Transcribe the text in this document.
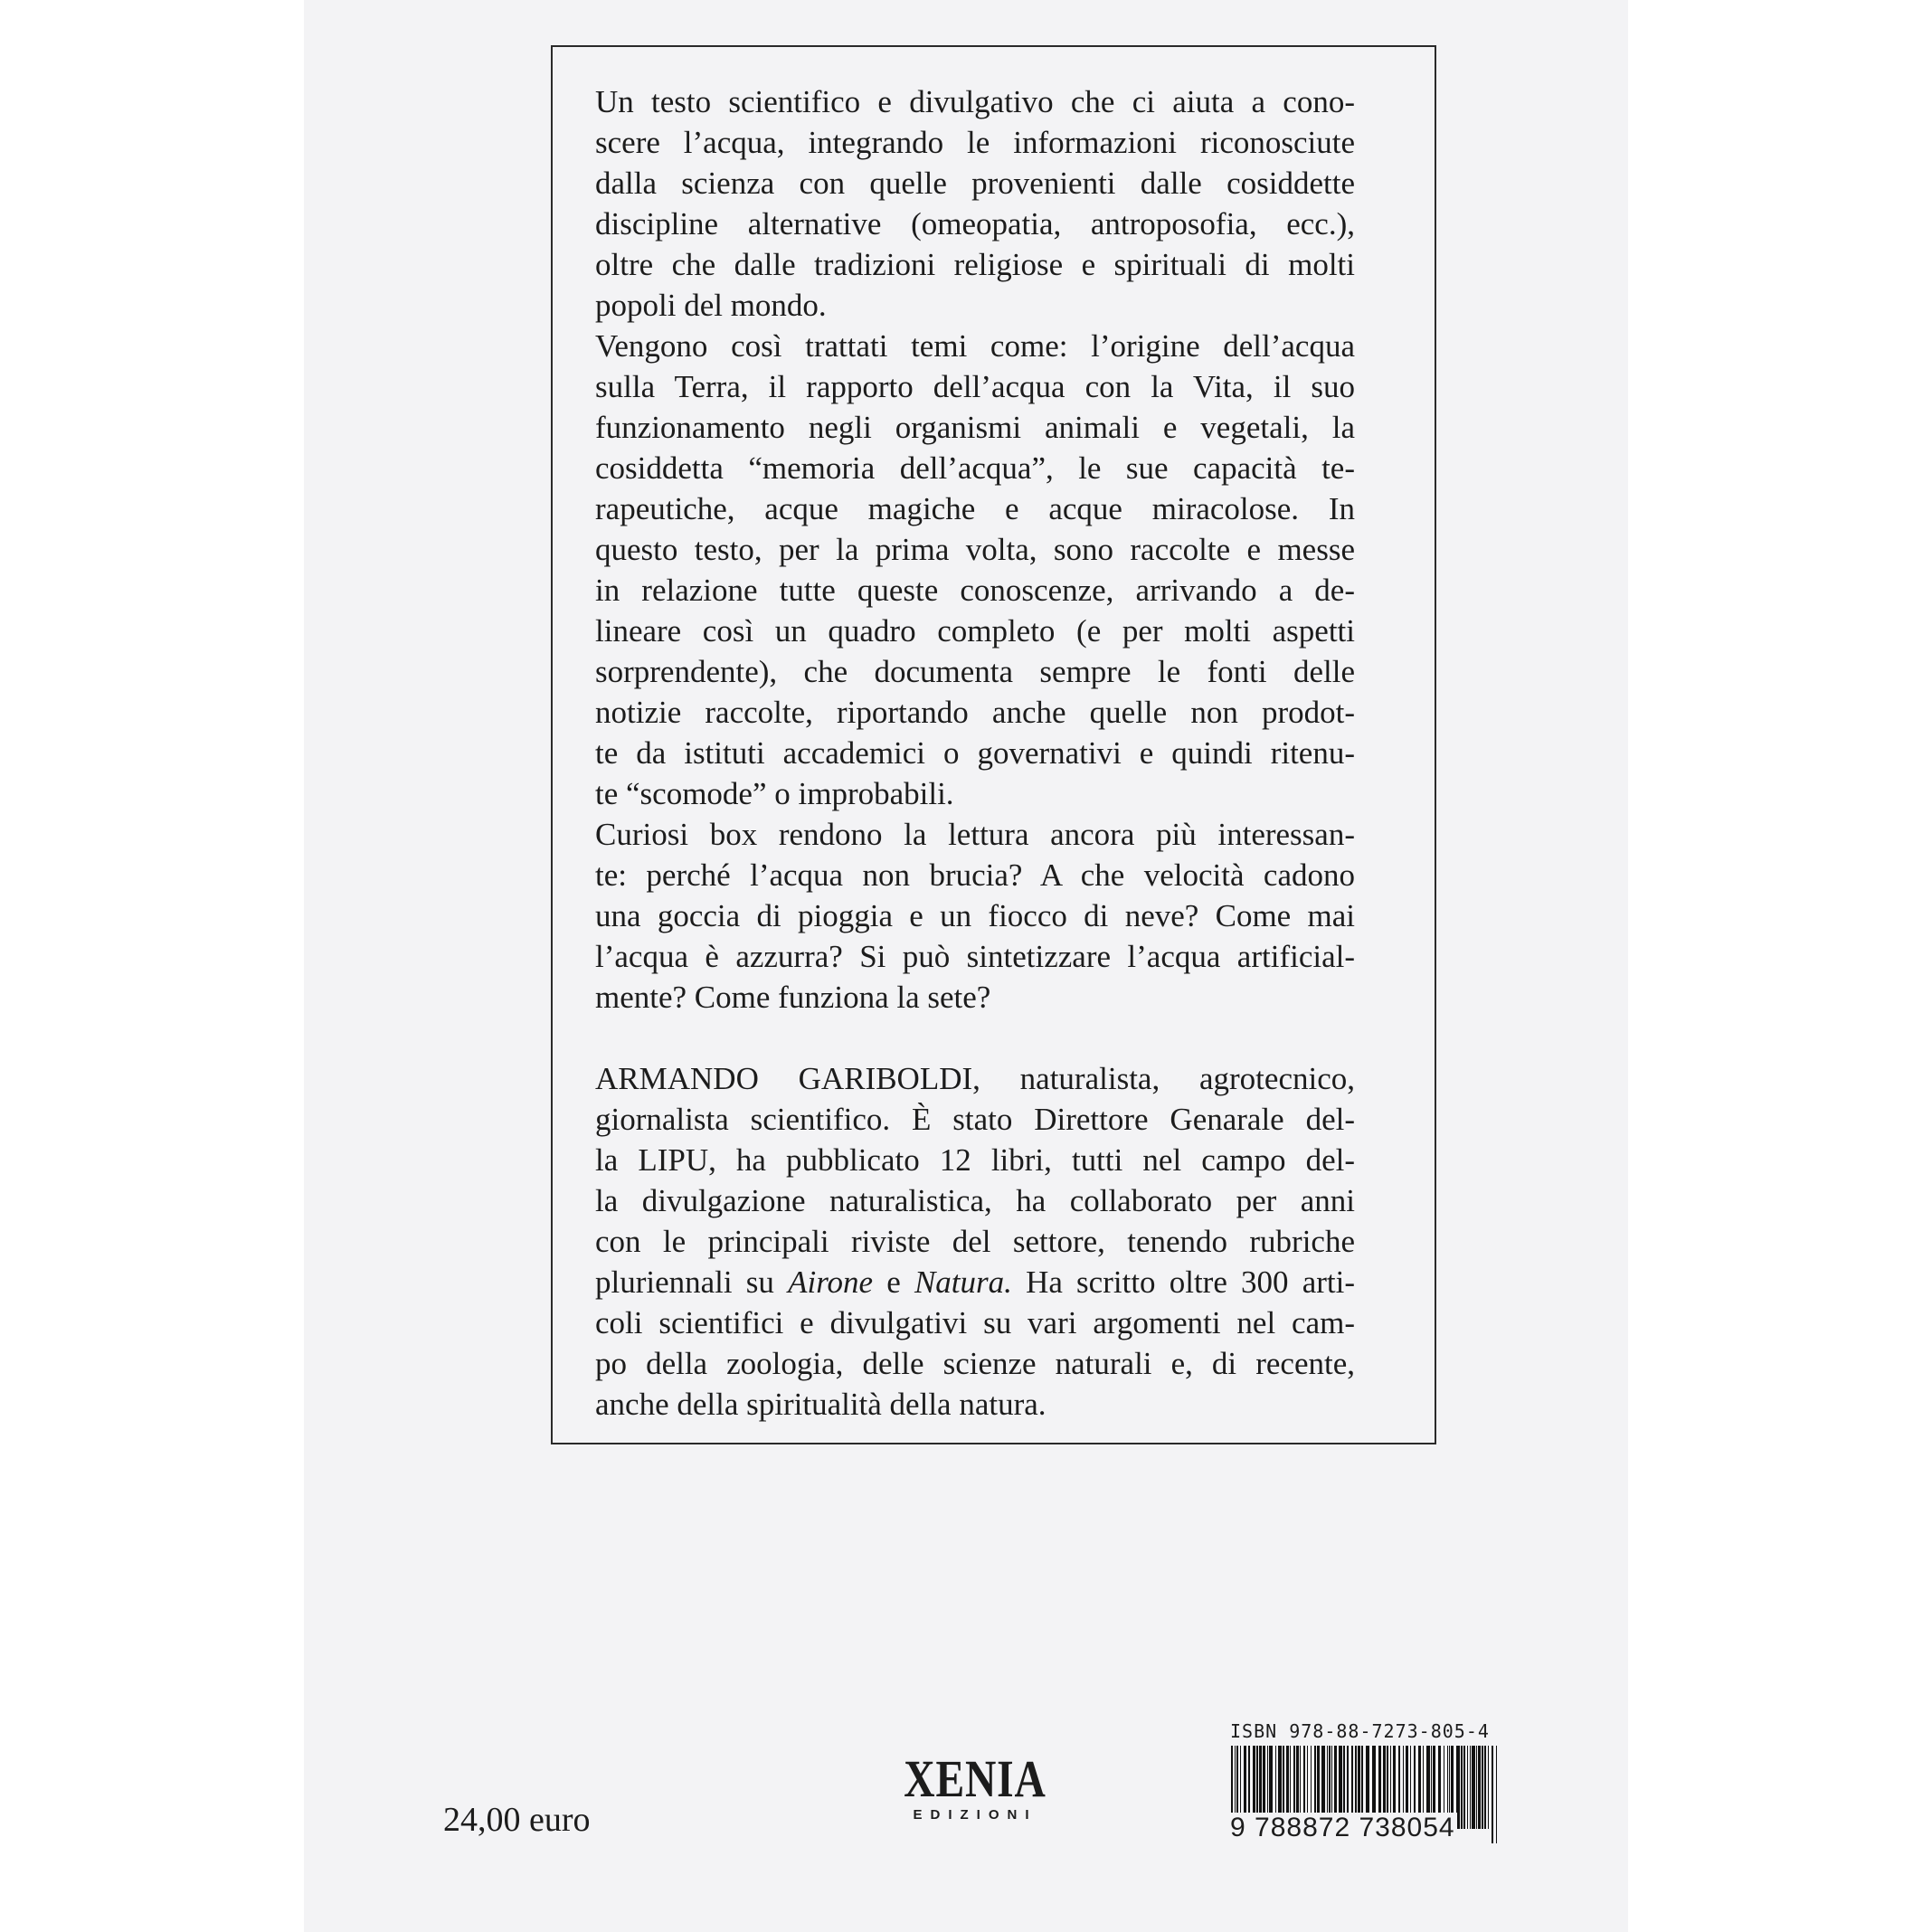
Un testo scientifico e divulgativo che ci aiuta a cono-
scere l’acqua, integrando le informazioni riconosciute
dalla scienza con quelle provenienti dalle cosiddette
discipline alternative (omeopatia, antroposofia, ecc.),
oltre che dalle tradizioni religiose e spirituali di molti
popoli del mondo.
Vengono così trattati temi come: l’origine dell’acqua
sulla Terra, il rapporto dell’acqua con la Vita, il suo
funzionamento negli organismi animali e vegetali, la
cosiddetta “memoria dell’acqua”, le sue capacità te-
rapeutiche, acque magiche e acque miracolose. In
questo testo, per la prima volta, sono raccolte e messe
in relazione tutte queste conoscenze, arrivando a de-
lineare così un quadro completo (e per molti aspetti
sorprendente), che documenta sempre le fonti delle
notizie raccolte, riportando anche quelle non prodot-
te da istituti accademici o governativi e quindi ritenu-
te “scomode” o improbabili.
Curiosi box rendono la lettura ancora più interessan-
te: perché l’acqua non brucia? A che velocità cadono
una goccia di pioggia e un fiocco di neve? Come mai
l’acqua è azzurra? Si può sintetizzare l’acqua artificial-
mente? Come funziona la sete?
ARMANDO GARIBOLDI, naturalista, agrotecnico,
giornalista scientifico. È stato Direttore Genarale del-
la LIPU, ha pubblicato 12 libri, tutti nel campo del-
la divulgazione naturalistica, ha collaborato per anni
con le principali riviste del settore, tenendo rubriche
pluriennali su Airone e Natura. Ha scritto oltre 300 arti-
coli scientifici e divulgativi su vari argomenti nel cam-
po della zoologia, delle scienze naturali e, di recente,
anche della spiritualità della natura.
24,00 euro
XENIA
EDIZIONI
ISBN 978-88-7273-805-4
9 788872 738054
